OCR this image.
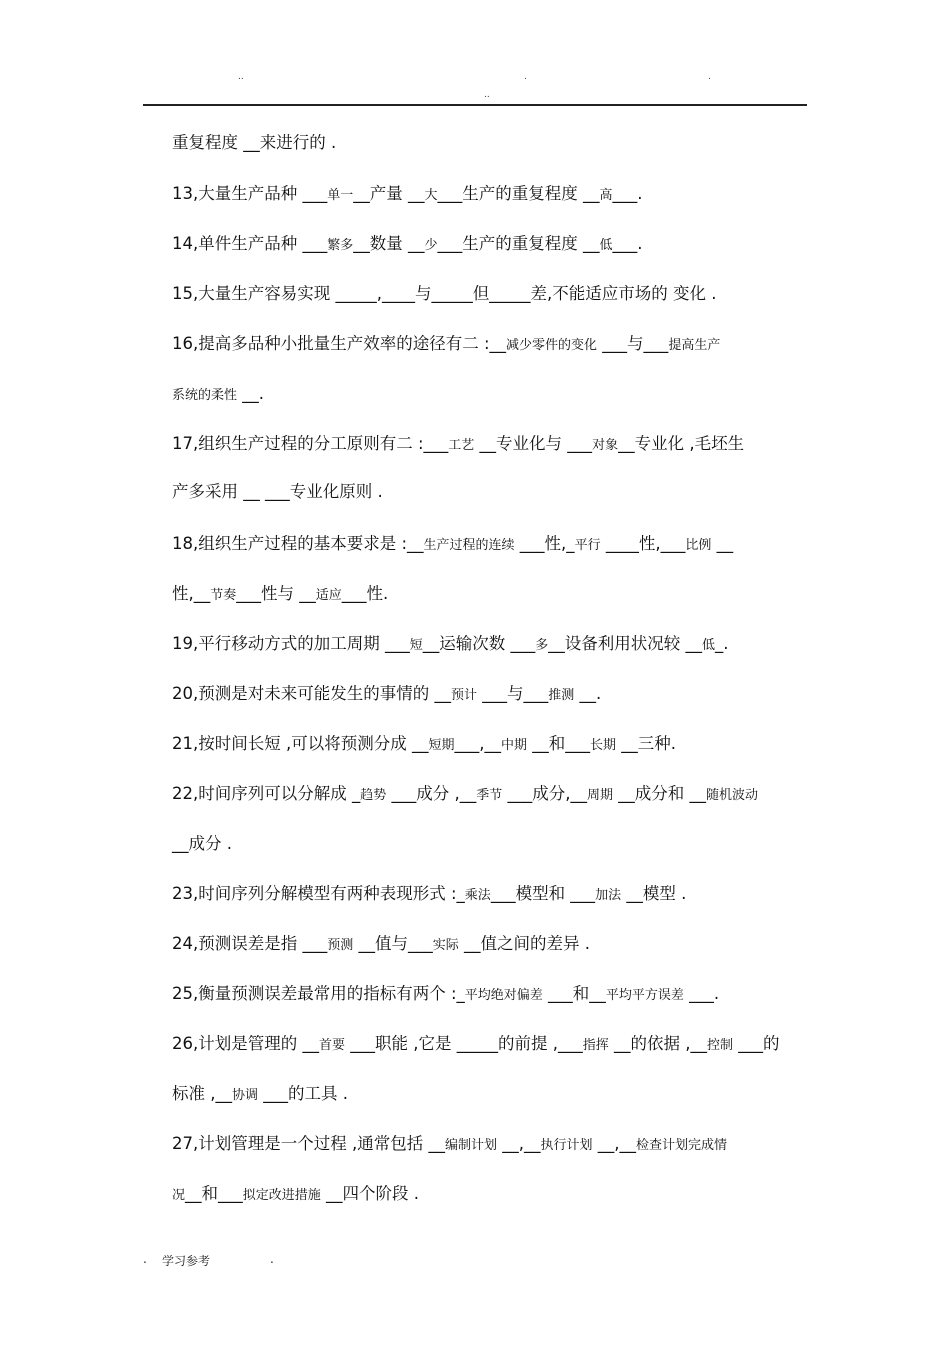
..	.	.
..
重复程度 __来进行的 .
13,大量生产品种 ___单一__产量 __大___生产的重复程度 __高___.
14,单件生产品种 ___繁多__数量 __少___生产的重复程度 __低___.
15,大量生产容易实现 _____,____与_____但_____差,不能适应市场的 变化 .
16,提高多品种小批量生产效率的途径有二 :__减少零件的变化 ___与___提高生产
系统的柔性 __.
17,组织生产过程的分工原则有二 :___工艺 __专业化与 ___对象__专业化 ,毛坯生
产多采用 __ ___专业化原则 .
18,组织生产过程的基本要求是 :__生产过程的连续 ___性,_平行 ____性,___比例 __
性,__节奏___性与 __适应___性.
19,平行移动方式的加工周期 ___短__运输次数 ___多__设备利用状况较 __低_.
20,预测是对未来可能发生的事情的 __预计 ___与___推测 __.
21,按时间长短 ,可以将预测分成 __短期___,__中期 __和___长期 __三种.
22,时间序列可以分解成 _趋势 ___成分 ,__季节 ___成分,__周期 __成分和 __随机波动
__成分 .
23,时间序列分解模型有两种表现形式 :_乘法___模型和 ___加法 __模型 .
24,预测误差是指 ___预测 __值与___实际 __值之间的差异 .
25,衡量预测误差最常用的指标有两个 :_平均绝对偏差 ___和__平均平方误差 ___.
26,计划是管理的 __首要 ___职能 ,它是 _____的前提 ,___指挥 __的依据 ,__控制 ___的
标准 ,__协调 ___的工具 .
27,计划管理是一个过程 ,通常包括 __编制计划 __,__执行计划 __,__检查计划完成情
况__和___拟定改进措施 __四个阶段 .
. 学习参考	.
